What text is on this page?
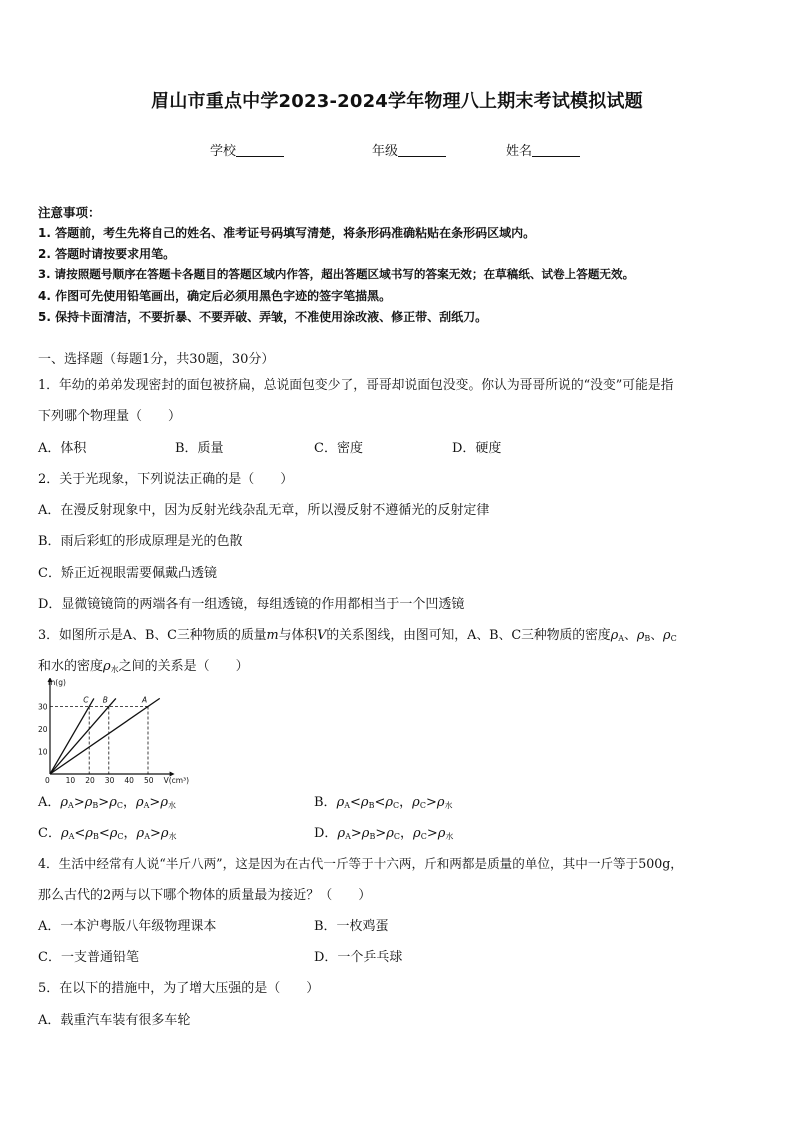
眉山市重点中学2023-2024学年物理八上期末考试模拟试题
学校	年级	姓名
注意事项：
1. 答题前，考生先将自己的姓名、准考证号码填写清楚，将条形码准确粘贴在条形码区域内。
2. 答题时请按要求用笔。
3. 请按照题号顺序在答题卡各题目的答题区域内作答，超出答题区域书写的答案无效；在草稿纸、试卷上答题无效。
4. 作图可先使用铅笔画出，确定后必须用黑色字迹的签字笔描黑。
5. 保持卡面清洁，不要折暴、不要弄破、弄皱，不准使用涂改液、修正带、刮纸刀。
一、选择题（每题1分，共30题，30分）
1．年幼的弟弟发现密封的面包被挤扁，总说面包变少了，哥哥却说面包没变。你认为哥哥所说的“没变”可能是指
下列哪个物理量（　　）
A．体积	B．质量	C．密度	D．硬度
2．关于光现象，下列说法正确的是（　　）
A．在漫反射现象中，因为反射光线杂乱无章，所以漫反射不遵循光的反射定律
B．雨后彩虹的形成原理是光的色散
C．矫正近视眼需要佩戴凸透镜
D．显微镜镜筒的两端各有一组透镜，每组透镜的作用都相当于一个凹透镜
3．如图所示是A、B、C三种物质的质量m与体积V的关系图线，由图可知，A、B、C三种物质的密度$\rho_A$、$\rho_B$、$\rho_C$
和水的密度$\rho_水$之间的关系是（　　）
C B	A
0 10 20 30 40 50
10
20
30
m(g)
V(cm³)
A．$\rho_A>\rho_B>\rho_C$，$\rho_A>\rho_水$	B．$\rho_A<\rho_B<\rho_C$，$\rho_C>\rho_水$
C．$\rho_A<\rho_B<\rho_C$，$\rho_A>\rho_水$	D．$\rho_A>\rho_B>\rho_C$，$\rho_C>\rho_水$
4．生活中经常有人说“半斤八两”，这是因为在古代一斤等于十六两，斤和两都是质量的单位，其中一斤等于500g，
那么古代的2两与以下哪个物体的质量最为接近？（　　）
A．一本沪粤版八年级物理课本	B．一枚鸡蛋
C．一支普通铅笔	D．一个乒乓球
5．在以下的措施中，为了增大压强的是（　　）
A．载重汽车装有很多车轮
